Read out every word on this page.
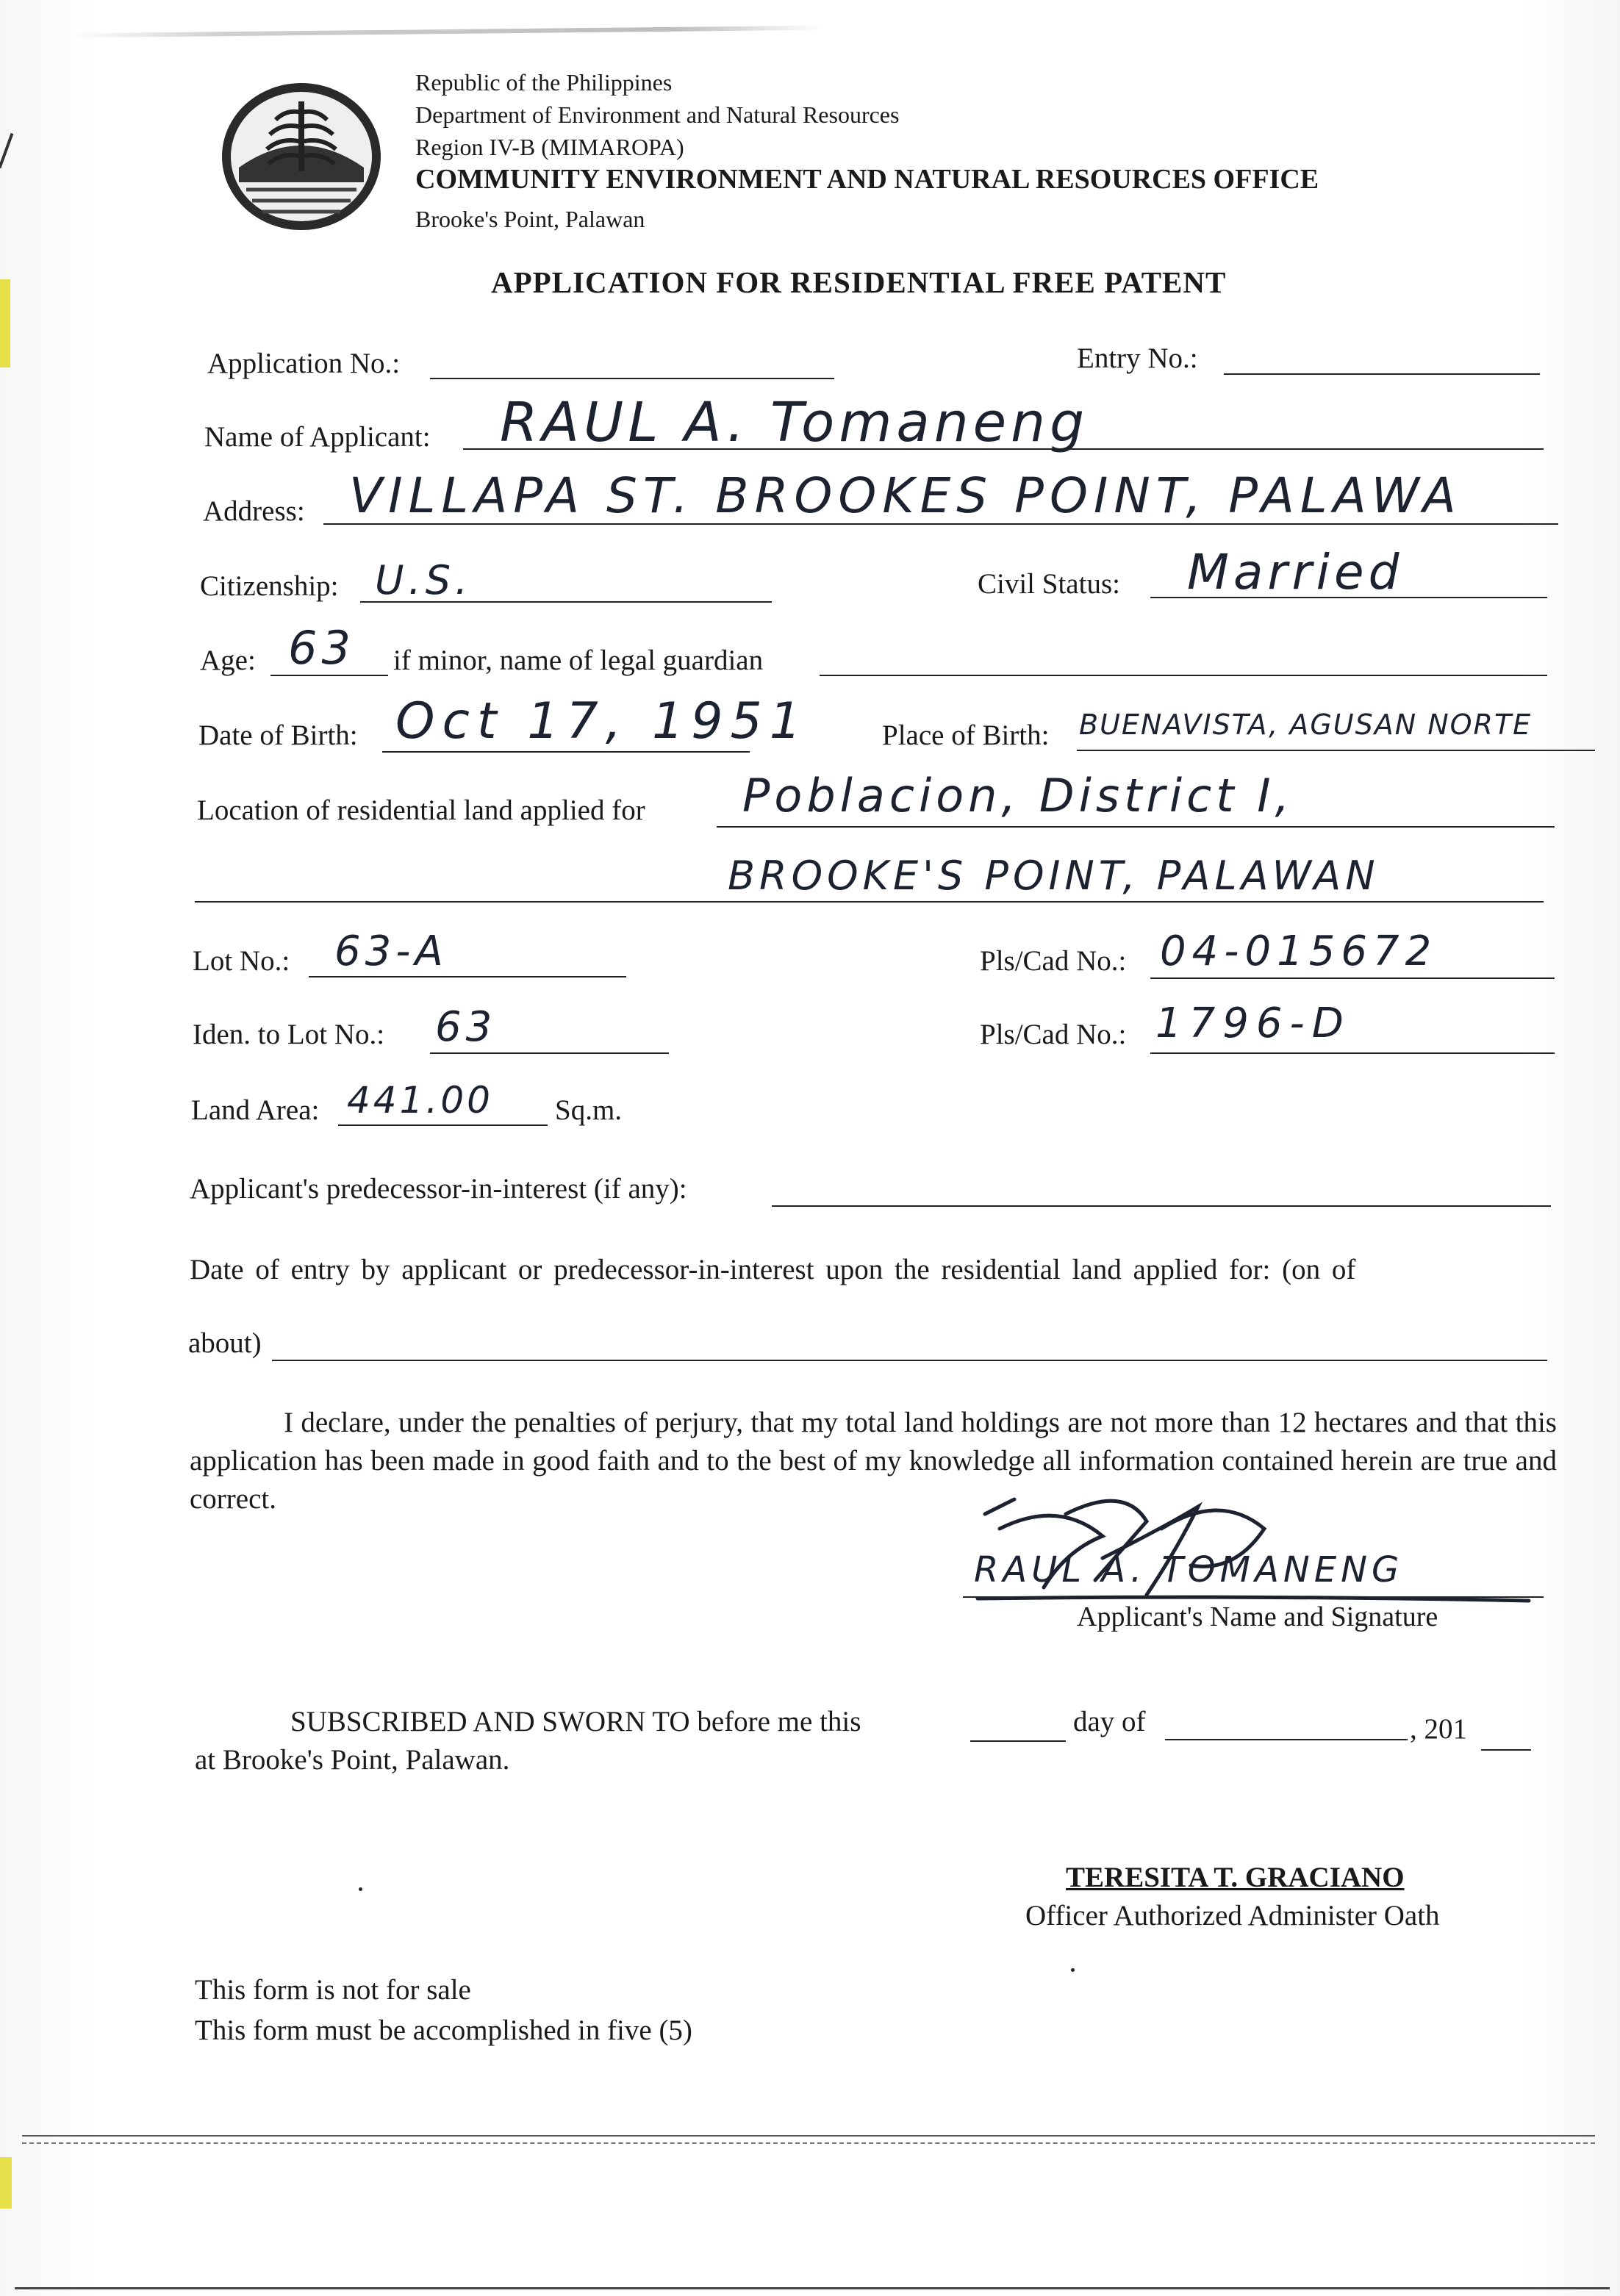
Republic of the Philippines
Department of Environment and Natural Resources
Region IV-B (MIMAROPA)
COMMUNITY ENVIRONMENT AND NATURAL RESOURCES OFFICE
Brooke's Point, Palawan
APPLICATION FOR RESIDENTIAL FREE PATENT
Application No.:	Entry No.:
Name of Applicant: RAUL A. Tomaneng
Address: VILLAPA ST. BROOKES POINT, PALAWA
Citizenship: U.S.	Civil Status: Married
Age: 63 if minor, name of legal guardian
Date of Birth: Oct 17, 1951	Place of Birth: BUENAVISTA, AGUSAN NORTE
Location of residential land applied for Poblacion, District I,
BROOKE'S POINT, PALAWAN
Lot No.: 63-A	Pls/Cad No.: 04-015672
Iden. to Lot No.: 63	Pls/Cad No.: 1796-D
Land Area: 441.00 Sq.m.
Applicant's predecessor-in-interest (if any):
Date of entry by applicant or predecessor-in-interest upon the residential land applied for: (on of
about)
I declare, under the penalties of perjury, that my total land holdings are not more than 12 hectares and that this application has been made in good faith and to the best of my knowledge all information contained herein are true and correct.
RAUL A. TOMANENG
Applicant's Name and Signature
SUBSCRIBED AND SWORN TO before me this	day of	, 201
at Brooke's Point, Palawan.
TERESITA T. GRACIANO
Officer Authorized Administer Oath
This form is not for sale
This form must be accomplished in five (5)
